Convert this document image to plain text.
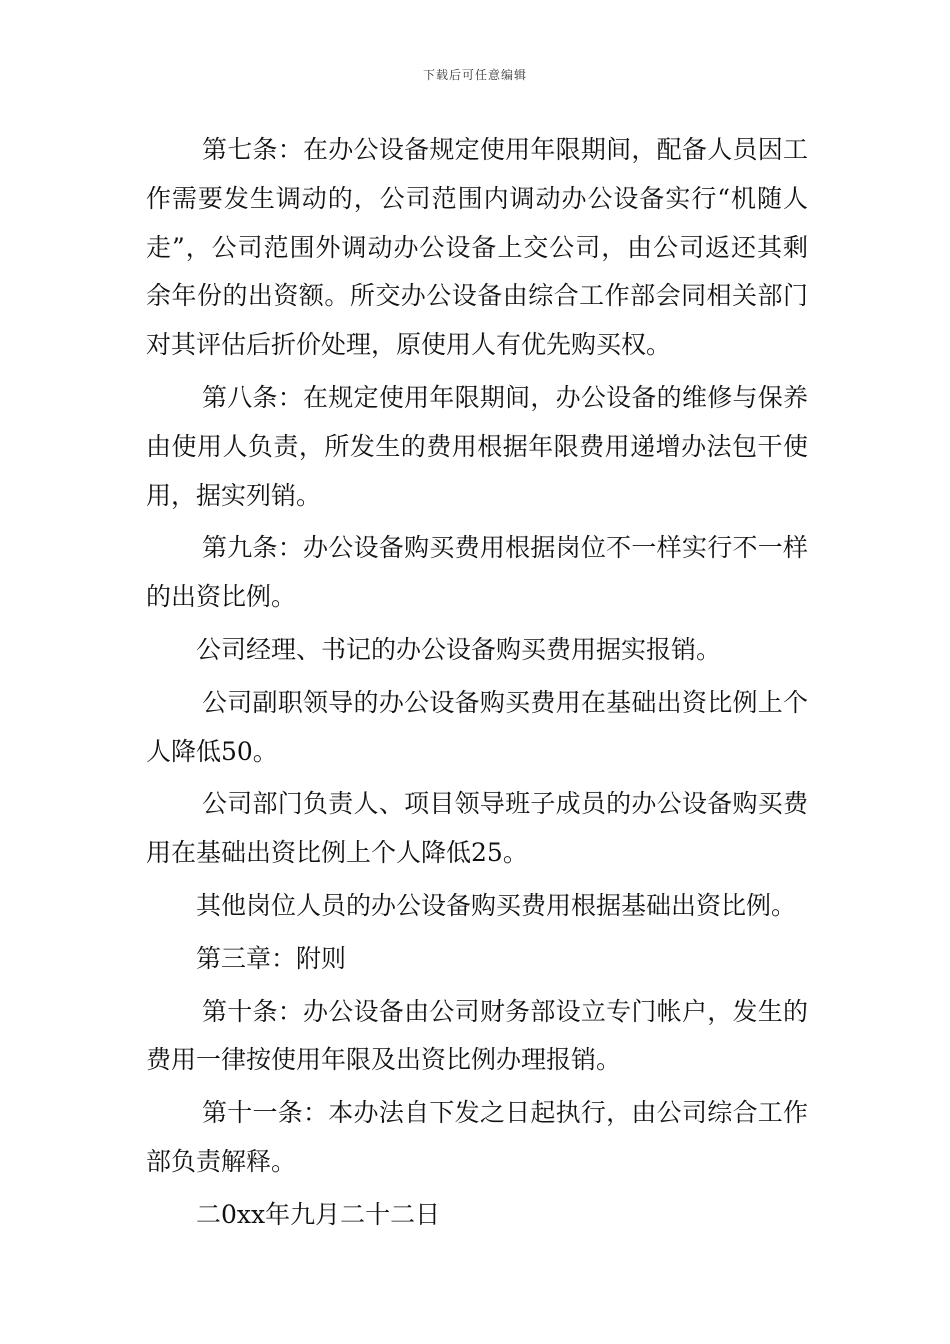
下载后可任意编辑

第七条：在办公设备规定使用年限期间，配备人员因工作需要发生调动的，公司范围内调动办公设备实行“机随人走”，公司范围外调动办公设备上交公司，由公司返还其剩余年份的出资额。所交办公设备由综合工作部会同相关部门对其评估后折价处理，原使用人有优先购买权。

第八条：在规定使用年限期间，办公设备的维修与保养由使用人负责，所发生的费用根据年限费用递增办法包干使用，据实列销。

第九条：办公设备购买费用根据岗位不一样实行不一样的出资比例。

公司经理、书记的办公设备购买费用据实报销。

公司副职领导的办公设备购买费用在基础出资比例上个人降低50。

公司部门负责人、项目领导班子成员的办公设备购买费用在基础出资比例上个人降低25。

其他岗位人员的办公设备购买费用根据基础出资比例。

第三章：附则

第十条：办公设备由公司财务部设立专门帐户，发生的费用一律按使用年限及出资比例办理报销。

第十一条：本办法自下发之日起执行，由公司综合工作部负责解释。

二0xx年九月二十二日
